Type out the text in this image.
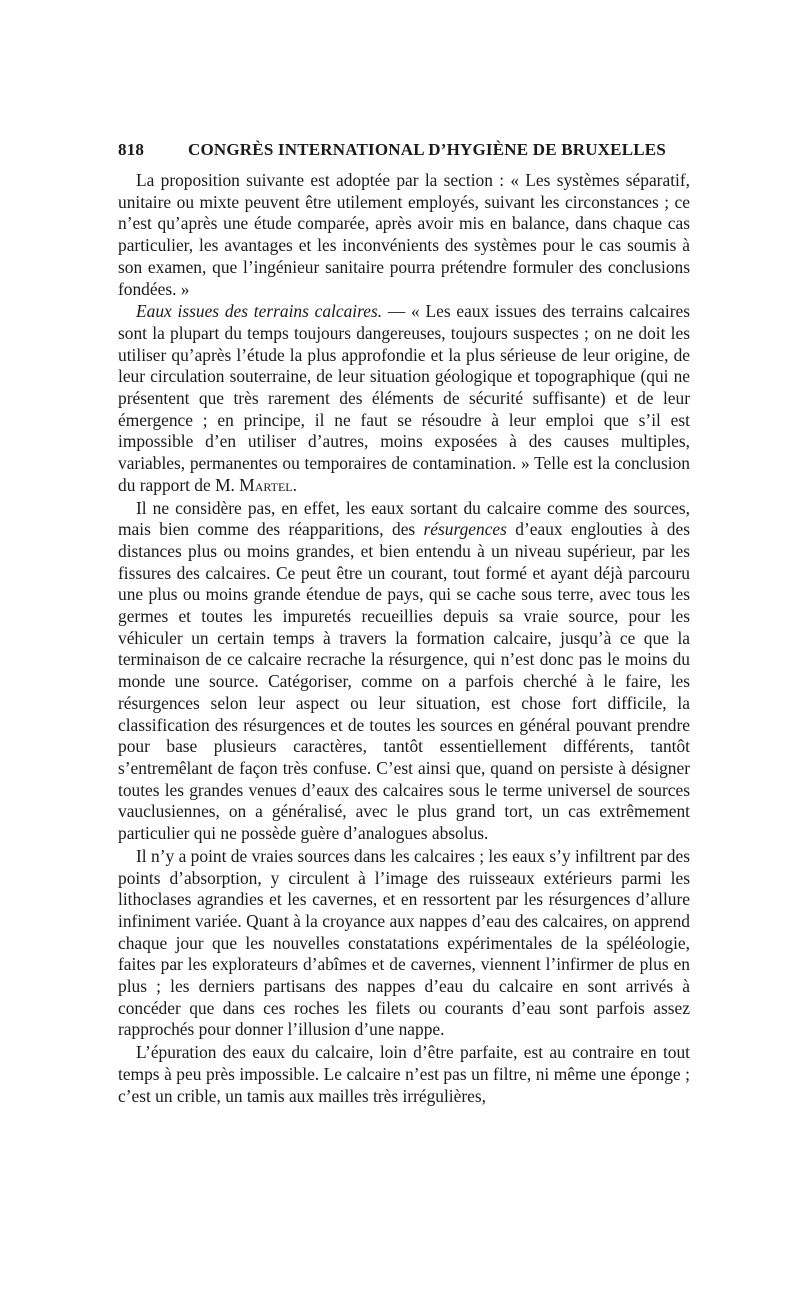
818	CONGRÈS INTERNATIONAL D’HYGIÈNE DE BRUXELLES

La proposition suivante est adoptée par la section : « Les systèmes séparatif, unitaire ou mixte peuvent être utilement employés, suivant les circonstances ; ce n’est qu’après une étude comparée, après avoir mis en balance, dans chaque cas particulier, les avantages et les inconvénients des systèmes pour le cas soumis à son examen, que l’ingénieur sanitaire pourra prétendre formuler des conclusions fondées. »

Eaux issues des terrains calcaires. — « Les eaux issues des terrains calcaires sont la plupart du temps toujours dangereuses, toujours suspectes ; on ne doit les utiliser qu’après l’étude la plus approfondie et la plus sérieuse de leur origine, de leur circulation souterraine, de leur situation géologique et topographique (qui ne présentent que très rarement des éléments de sécurité suffisante) et de leur émergence ; en principe, il ne faut se résoudre à leur emploi que s’il est impossible d’en utiliser d’autres, moins exposées à des causes multiples, variables, permanentes ou temporaires de contamination. » Telle est la conclusion du rapport de M. Martel.

Il ne considère pas, en effet, les eaux sortant du calcaire comme des sources, mais bien comme des réapparitions, des résurgences d’eaux englouties à des distances plus ou moins grandes, et bien entendu à un niveau supérieur, par les fissures des calcaires. Ce peut être un courant, tout formé et ayant déjà parcouru une plus ou moins grande étendue de pays, qui se cache sous terre, avec tous les germes et toutes les impuretés recueillies depuis sa vraie source, pour les véhiculer un certain temps à travers la formation calcaire, jusqu’à ce que la terminaison de ce calcaire recrache la résurgence, qui n’est donc pas le moins du monde une source. Catégoriser, comme on a parfois cherché à le faire, les résurgences selon leur aspect ou leur situation, est chose fort difficile, la classification des résurgences et de toutes les sources en général pouvant prendre pour base plusieurs caractères, tantôt essentiellement différents, tantôt s’entremêlant de façon très confuse. C’est ainsi que, quand on persiste à désigner toutes les grandes venues d’eaux des calcaires sous le terme universel de sources vauclusiennes, on a généralisé, avec le plus grand tort, un cas extrêmement particulier qui ne possède guère d’analogues absolus.

Il n’y a point de vraies sources dans les calcaires ; les eaux s’y infiltrent par des points d’absorption, y circulent à l’image des ruisseaux extérieurs parmi les lithoclases agrandies et les cavernes, et en ressortent par les résurgences d’allure infiniment variée. Quant à la croyance aux nappes d’eau des calcaires, on apprend chaque jour que les nouvelles constatations expérimentales de la spéléologie, faites par les explorateurs d’abîmes et de cavernes, viennent l’infirmer de plus en plus ; les derniers partisans des nappes d’eau du calcaire en sont arrivés à concéder que dans ces roches les filets ou courants d’eau sont parfois assez rapprochés pour donner l’illusion d’une nappe.

L’épuration des eaux du calcaire, loin d’être parfaite, est au contraire en tout temps à peu près impossible. Le calcaire n’est pas un filtre, ni même une éponge ; c’est un crible, un tamis aux mailles très irrégulières,
